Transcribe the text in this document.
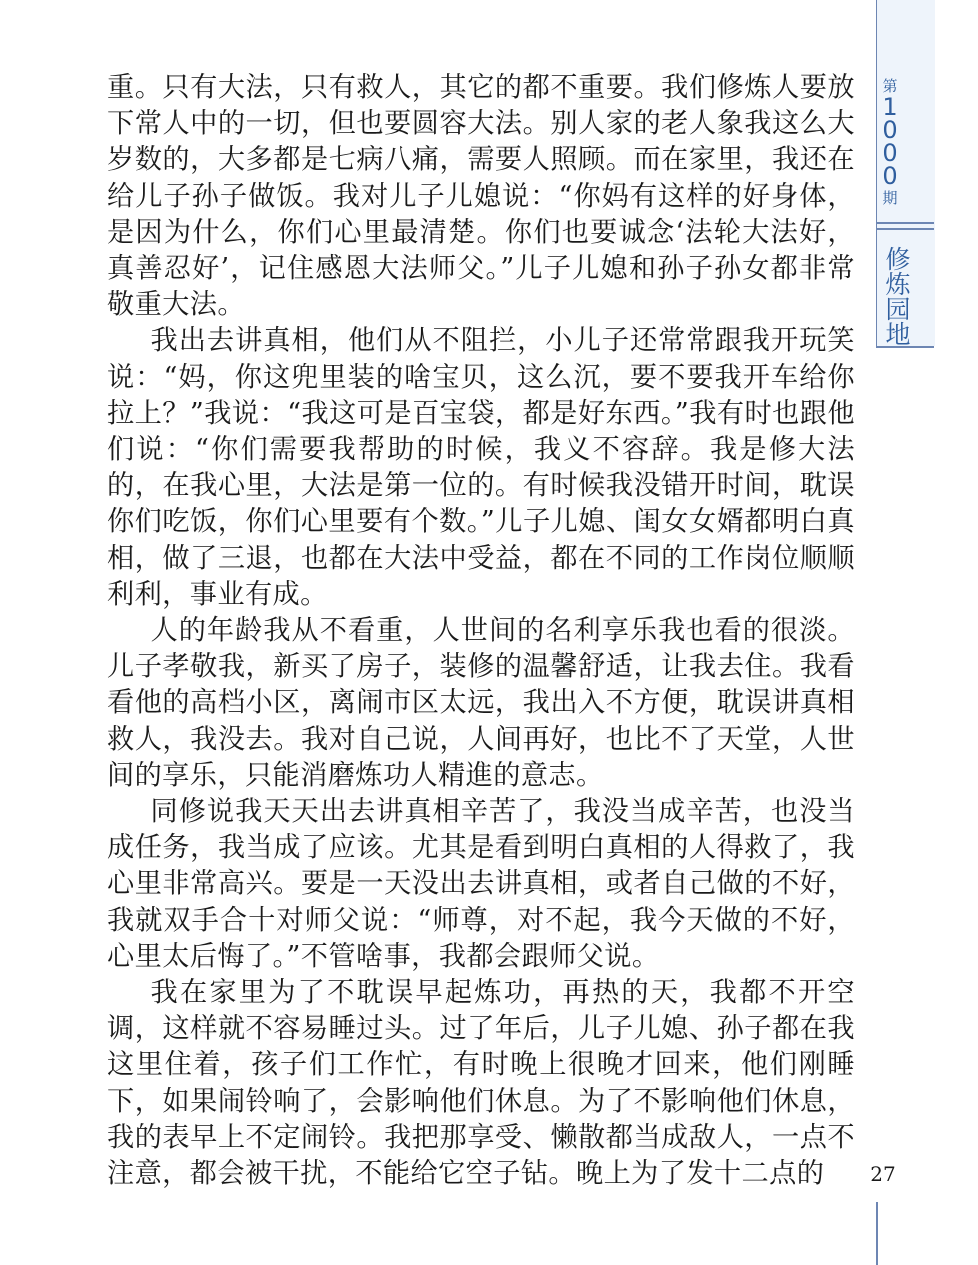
第
1
0
0
0
期
修炼园地

重。只有大法，只有救人，其它的都不重要。我们修炼人要放下常人中的一切，但也要圆容大法。别人家的老人象我这么大岁数的，大多都是七病八痛，需要人照顾。而在家里，我还在给儿子孙子做饭。我对儿子儿媳说：“你妈有这样的好身体，是因为什么，你们心里最清楚。你们也要诚念‘法轮大法好，真善忍好’，记住感恩大法师父。”儿子儿媳和孙子孙女都非常敬重大法。

我出去讲真相，他们从不阻拦，小儿子还常常跟我开玩笑说：“妈，你这兜里装的啥宝贝，这么沉，要不要我开车给你拉上？”我说：“我这可是百宝袋，都是好东西。”我有时也跟他们说：“你们需要我帮助的时候，我义不容辞。我是修大法的，在我心里，大法是第一位的。有时候我没错开时间，耽误你们吃饭，你们心里要有个数。”儿子儿媳、闺女女婿都明白真相，做了三退，也都在大法中受益，都在不同的工作岗位顺顺利利，事业有成。

人的年龄我从不看重，人世间的名利享乐我也看的很淡。儿子孝敬我，新买了房子，装修的温馨舒适，让我去住。我看看他的高档小区，离闹市区太远，我出入不方便，耽误讲真相救人，我没去。我对自己说，人间再好，也比不了天堂，人世间的享乐，只能消磨炼功人精進的意志。

同修说我天天出去讲真相辛苦了，我没当成辛苦，也没当成任务，我当成了应该。尤其是看到明白真相的人得救了，我心里非常高兴。要是一天没出去讲真相，或者自己做的不好，我就双手合十对师父说：“师尊，对不起，我今天做的不好，心里太后悔了。”不管啥事，我都会跟师父说。

我在家里为了不耽误早起炼功，再热的天，我都不开空调，这样就不容易睡过头。过了年后，儿子儿媳、孙子都在我这里住着，孩子们工作忙，有时晚上很晚才回来，他们刚睡下，如果闹铃响了，会影响他们休息。为了不影响他们休息，我的表早上不定闹铃。我把那享受、懒散都当成敌人，一点不注意，都会被干扰，不能给它空子钻。晚上为了发十二点的	27
